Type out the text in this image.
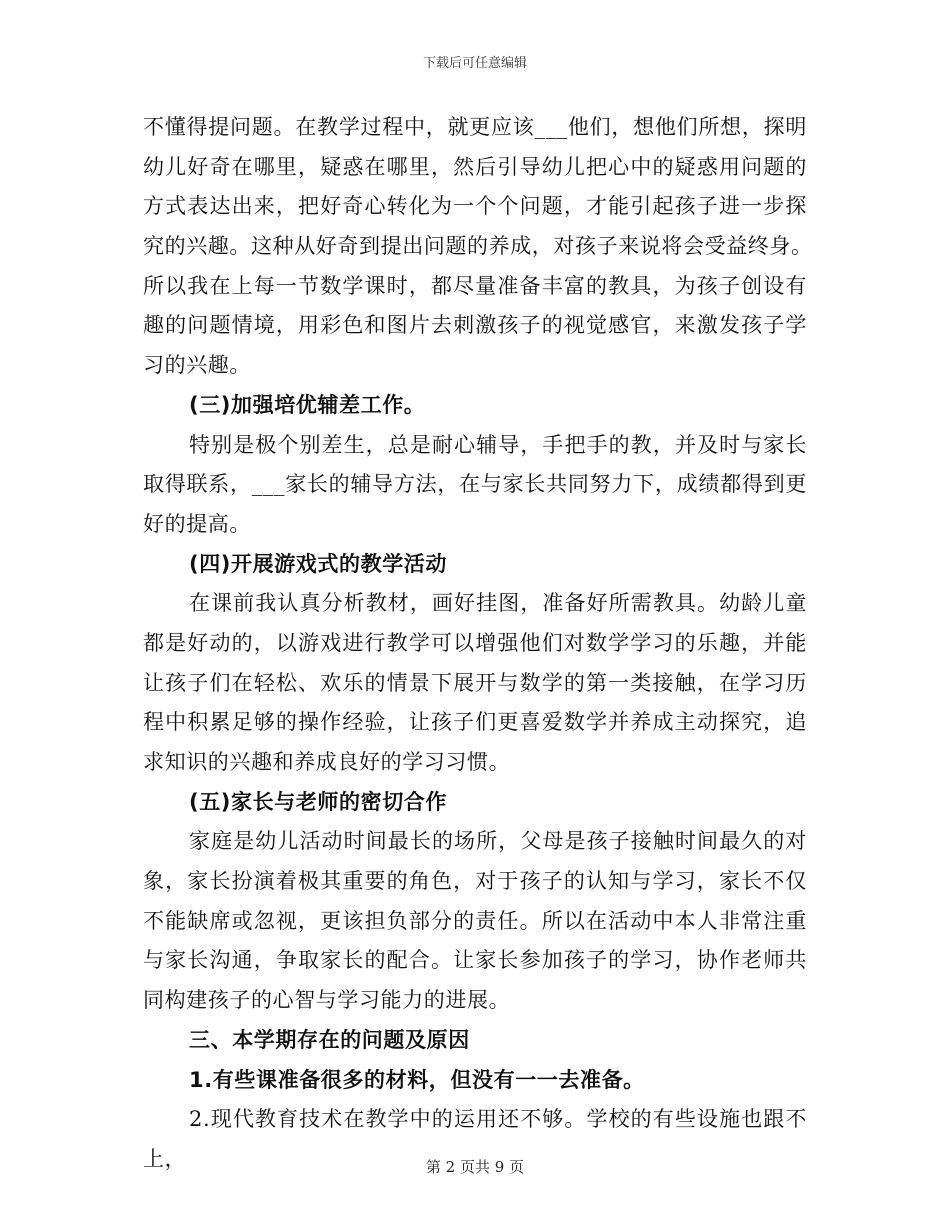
下载后可任意编辑
不懂得提问题。在教学过程中，就更应该___他们，想他们所想，探明
幼儿好奇在哪里，疑惑在哪里，然后引导幼儿把心中的疑惑用问题的
方式表达出来，把好奇心转化为一个个问题，才能引起孩子进一步探
究的兴趣。这种从好奇到提出问题的养成，对孩子来说将会受益终身。
所以我在上每一节数学课时，都尽量准备丰富的教具，为孩子创设有
趣的问题情境，用彩色和图片去刺激孩子的视觉感官，来激发孩子学
习的兴趣。
(三)加强培优辅差工作。
特别是极个别差生，总是耐心辅导，手把手的教，并及时与家长
取得联系，___家长的辅导方法，在与家长共同努力下，成绩都得到更
好的提高。
(四)开展游戏式的教学活动
在课前我认真分析教材，画好挂图，准备好所需教具。幼龄儿童
都是好动的，以游戏进行教学可以增强他们对数学学习的乐趣，并能
让孩子们在轻松、欢乐的情景下展开与数学的第一类接触，在学习历
程中积累足够的操作经验，让孩子们更喜爱数学并养成主动探究，追
求知识的兴趣和养成良好的学习习惯。
(五)家长与老师的密切合作
家庭是幼儿活动时间最长的场所，父母是孩子接触时间最久的对
象，家长扮演着极其重要的角色，对于孩子的认知与学习，家长不仅
不能缺席或忽视，更该担负部分的责任。所以在活动中本人非常注重
与家长沟通，争取家长的配合。让家长参加孩子的学习，协作老师共
同构建孩子的心智与学习能力的进展。
三、本学期存在的问题及原因
1.有些课准备很多的材料，但没有一一去准备。
2.现代教育技术在教学中的运用还不够。学校的有些设施也跟不
上，	第 2 页共 9 页
